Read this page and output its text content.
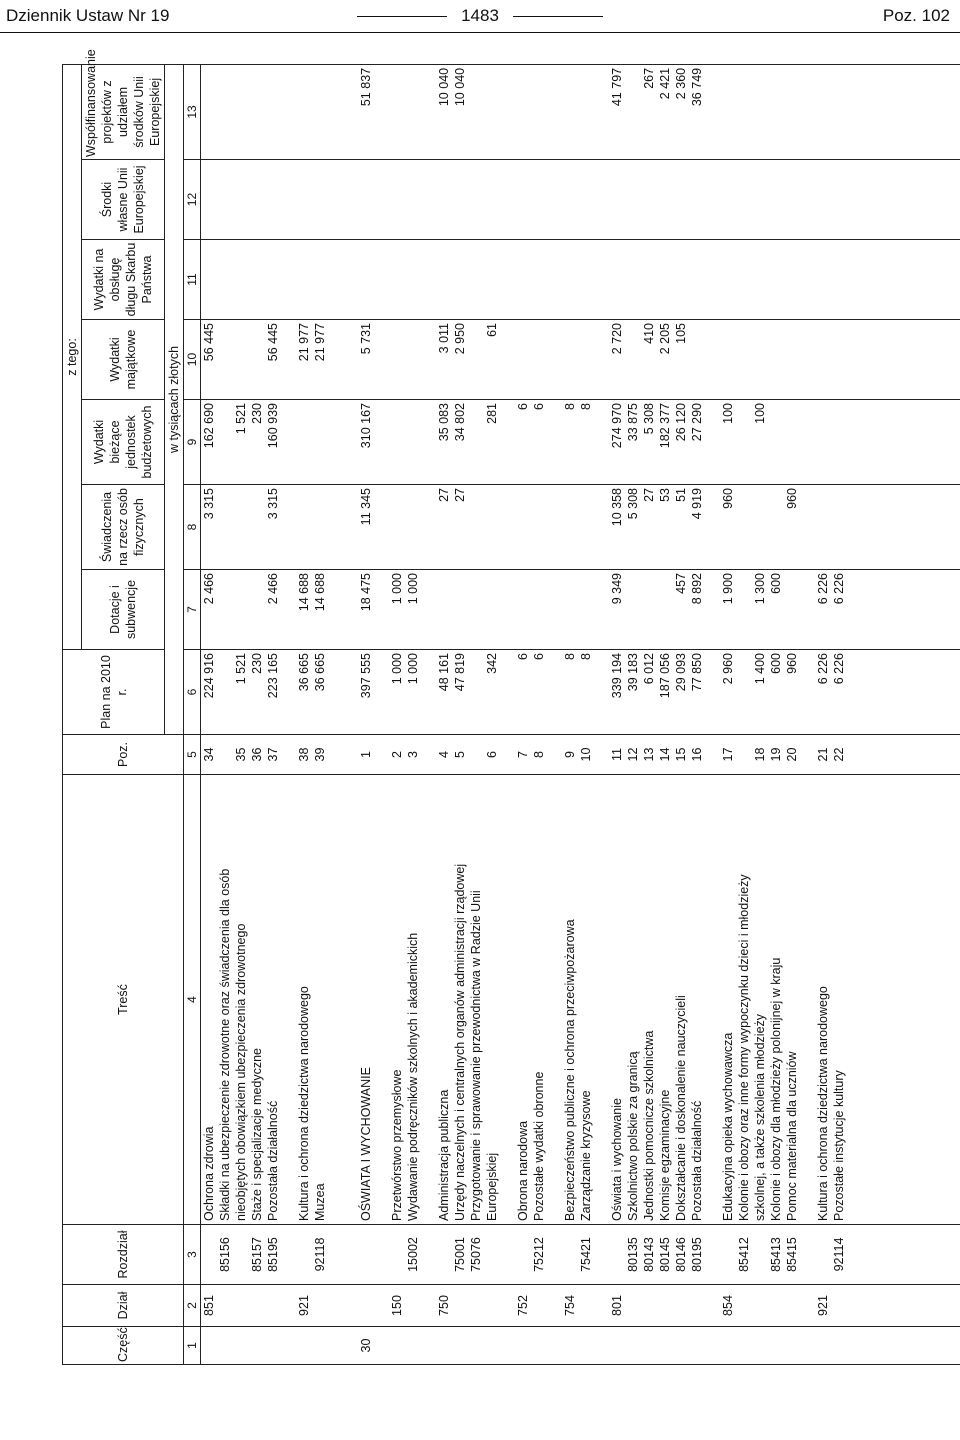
Dziennik Ustaw Nr 19	1483	Poz. 102
Część	Dział	Rozdział	Treść	Poz.	Plan na 2010 r.	z tego:						
						Dotacje i subwencje	Świadczenia na rzecz osób fizycznych	Wydatki bieżące jednostek budżetowych	Wydatki majątkowe	Wydatki na obsługę długu Skarbu Państwa	Środki własne Unii Europejskiej	Współfinansowanie projektów z udziałem środków Unii Europejskiej
					w tysiącach złotych							
1	2	3	4	5	6	7	8	9	10	11	12	13
	851		Ochrona zdrowia	34	224 916	2 466	3 315	162 690	56 445			
		85156	Składki na ubezpieczenie zdrowotne oraz świadczenia dla osób									
			nieobjętych obowiązkiem ubezpieczenia zdrowotnego	35	1 521			1 521				
		85157	Staże i specjalizacje medyczne	36	230			230				
		85195	Pozostała działalność	37	223 165	2 466	3 315	160 939	56 445			

	921		Kultura i ochrona dziedzictwa narodowego	38	36 665	14 688			21 977			
		92118	Muzea	39	36 665	14 688			21 977			

30			OŚWIATA I WYCHOWANIE	1	397 555	18 475	11 345	310 167	5 731			51 837

	150		Przetwórstwo przemysłowe	2	1 000	1 000						
		15002	Wydawanie podręczników szkolnych i akademickich	3	1 000	1 000						

	750		Administracja publiczna	4	48 161		27	35 083	3 011			10 040
		75001	Urzędy naczelnych i centralnych organów administracji rządowej	5	47 819		27	34 802	2 950			10 040
		75076	Przygotowanie i sprawowanie przewodnictwa w Radzie Unii									
			Europejskiej	6	342			281	61			

	752		Obrona narodowa	7	6			6				
		75212	Pozostałe wydatki obronne	8	6			6				

	754		Bezpieczeństwo publiczne i ochrona przeciwpożarowa	9	8			8				
		75421	Zarządzanie kryzysowe	10	8			8				

	801		Oświata i wychowanie	11	339 194	9 349	10 358	274 970	2 720			41 797
		80135	Szkolnictwo polskie za granicą	12	39 183		5 308	33 875				
		80143	Jednostki pomocnicze szkolnictwa	13	6 012		27	5 308	410			267
		80145	Komisje egzaminacyjne	14	187 056		53	182 377	2 205			2 421
		80146	Dokształcanie i doskonalenie nauczycieli	15	29 093	457	51	26 120	105			2 360
		80195	Pozostała działalność	16	77 850	8 892	4 919	27 290				36 749

	854		Edukacyjna opieka wychowawcza	17	2 960	1 900	960	100				
		85412	Kolonie i obozy oraz inne formy wypoczynku dzieci i młodzieży									
			szkolnej, a także szkolenia młodzieży	18	1 400	1 300		100				
		85413	Kolonie i obozy dla młodzieży polonijnej w kraju	19	600	600						
		85415	Pomoc materialna dla uczniów	20	960		960					

	921		Kultura i ochrona dziedzictwa narodowego	21	6 226	6 226						
		92114	Pozostałe instytucje kultury	22	6 226	6 226						
